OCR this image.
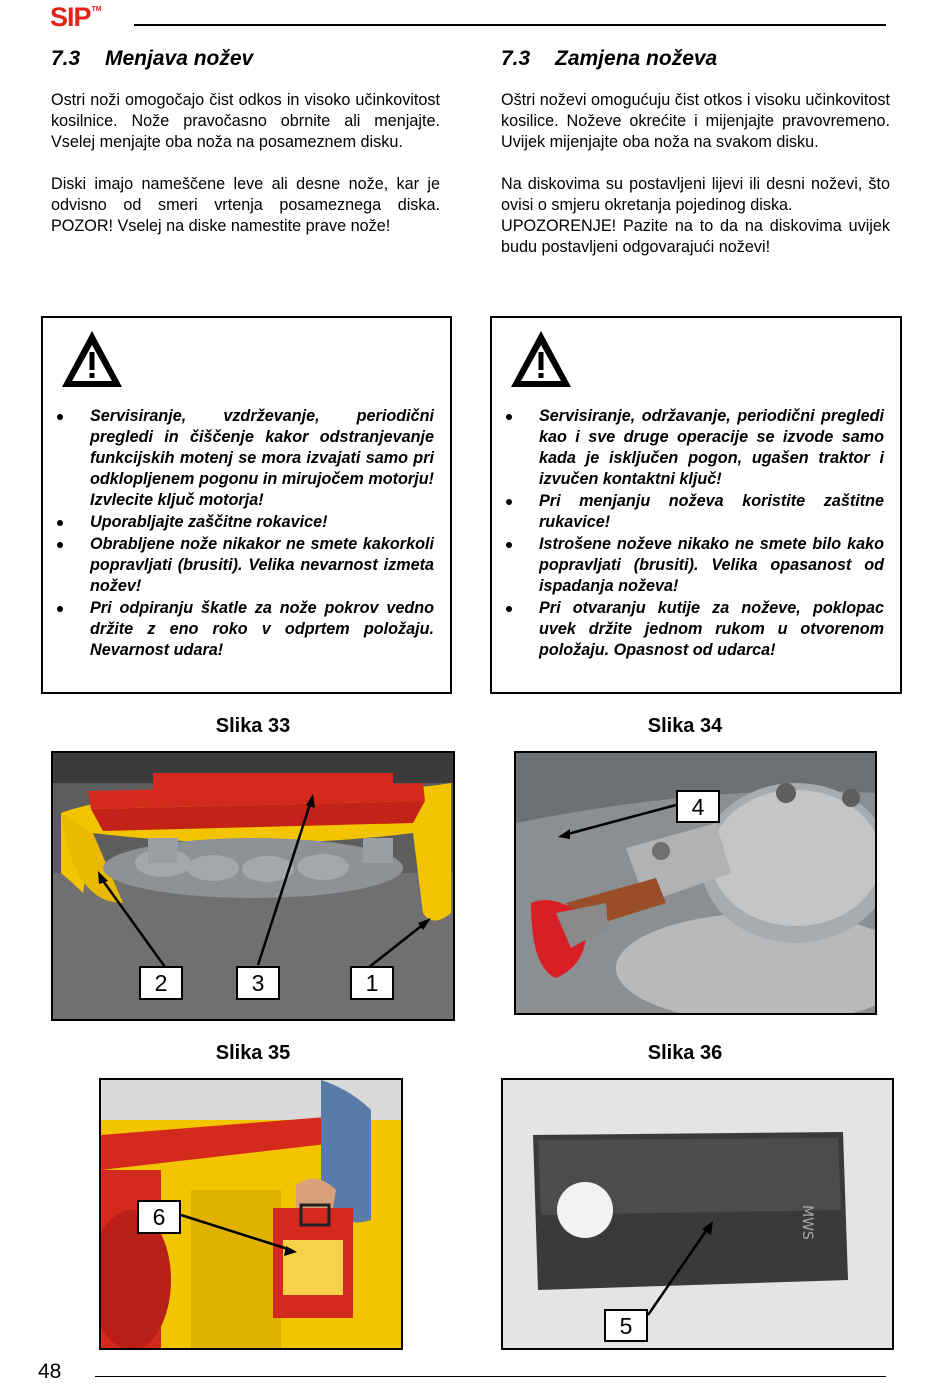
SIP™
7.3 Menjava nožev

Ostri noži omogočajo čist odkos in visoko učinkovitost kosilnice. Nože pravočasno obrnite ali menjajte. Vselej menjajte oba noža na posameznem disku.

Diski imajo nameščene leve ali desne nože, kar je odvisno od smeri vrtenja posameznega diska. POZOR! Vselej na diske namestite prave nože!

7.3 Zamjena noževa

Oštri noževi omogućuju čist otkos i visoku učinkovitost kosilice. Noževe okrećite i mijenjajte pravovremeno. Uvijek mijenjajte oba noža na svakom disku.

Na diskovima su postavljeni lijevi ili desni noževi, što ovisi o smjeru okretanja pojedinog diska.
UPOZORENJE! Pazite na to da na diskovima uvijek budu postavljeni odgovarajući noževi!

Servisiranje, vzdrževanje, periodični pregledi in čiščenje kakor odstranjevanje funkcijskih motenj se mora izvajati samo pri odklopljenem pogonu in mirujočem motorju! Izvlecite ključ motorja!
Uporabljajte zaščitne rokavice!
Obrabljene nože nikakor ne smete kakorkoli popravljati (brusiti). Velika nevarnost izmeta nožev!
Pri odpiranju škatle za nože pokrov vedno držite z eno roko v odprtem položaju. Nevarnost udara!
Servisiranje, održavanje, periodični pregledi kao i sve druge operacije se izvode samo kada je isključen pogon, ugašen traktor i izvučen kontaktni ključ!
Pri menjanju noževa koristite zaštitne rukavice!
Istrošene noževe nikako ne smete bilo kako popravljati (brusiti). Velika opasanost od ispadanja noževa!
Pri otvaranju kutije za noževe, poklopac uvek držite jednom rukom u otvorenom položaju. Opasnost od udarca!
Slika 33	Slika 34
Slika 35	Slika 36
2	3	1
4
6	MWS
5
48
